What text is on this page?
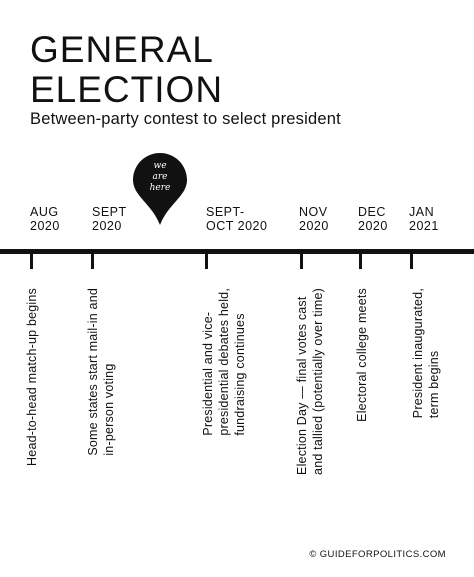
GENERAL
ELECTION
Between-party contest to select president
we
are
here
AUG
2020
SEPT
2020
SEPT-
OCT 2020
NOV
2020
DEC
2020
JAN
2021
Head-to-head match-up begins	Some states start mail-in and in-person voting	Presidential and vice- presidential debates held, fundraising continues	Election Day — final votes cast and tallied (potentially over time) Electoral college meets	President inaugurated, term begins
© GUIDEFORPOLITICS.COM
